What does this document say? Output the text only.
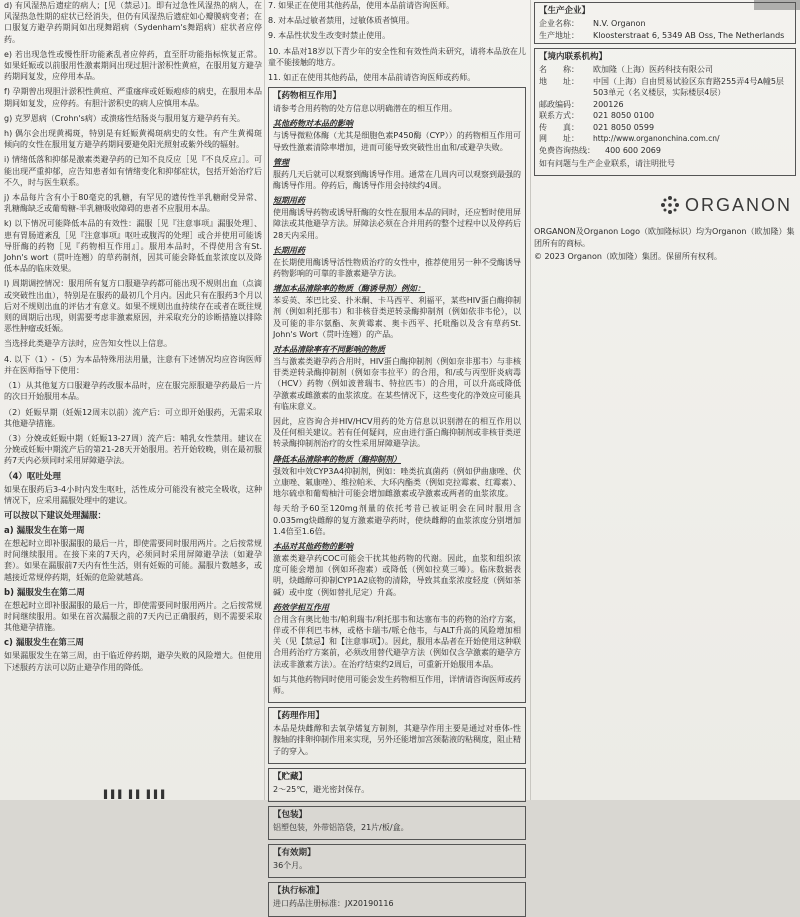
d) 有风湿热后遗症的病人；[见（禁忌）]。即有过急性风湿热的病人，在风湿热急性期的症状已经消失，但仍有风湿热后遗症如心瓣膜病变者；在口服复方避孕药期间如出现舞蹈病（Sydenham's舞蹈病）症状者应停药。

e) 若出现急性或慢性肝功能紊乱者应停药，直至肝功能指标恢复正常。如果妊娠或以前服用性激素期间出现过胆汁淤积性黄疸，在服用复方避孕药期间复发，应停用本品。

f) 孕期曾出现胆汁淤积性黄疸、严重瘙痒或妊娠疱疹的病史，在服用本品期间如复发，应停药。有胆汁淤积史的病人应慎用本品。

g) 克罗恩病（Crohn's病）或溃疡性结肠炎与服用复方避孕药有关。

h) 偶尔会出现黄褐斑，特别是有妊娠黄褐斑病史的女性。有产生黄褐斑倾向的女性在服用复方避孕药期间要避免阳光照射或紫外线的辐射。

i) 情绪低落和抑郁是激素类避孕药的已知不良反应［见『不良反应』］。可能出现严重抑郁，应告知患者如有情绪变化和抑郁症状，包括开始治疗后不久，时与医生联系。

j) 本品每片含有小于80毫克的乳糖，有罕见的遗传性半乳糖耐受异常、乳糖酶缺乏或葡萄糖-半乳糖吸收障碍的患者不应服用本品。

k) 以下情况可能降低本品的有效性：漏服［见『注意事项』漏服处理］、患有胃肠道紊乱［见『注意事项』呕吐或腹泻的处理］或合并使用可能诱导肝酶的药物［见『药物相互作用』］。服用本品时，不得使用含有St. John's wort（贯叶连翘）的草药制剂，因其可能会降低血浆浓度以及降低本品的临床效果。

l) 周期调控情况：服用所有复方口服避孕药都可能出现不规则出血（点滴或突破性出血），特别是在服药的最初几个月内。因此只有在服药3个月以后对不规则出血的评估才有意义。如果不规则出血持续存在或者在既往规则的周期后出现，则需要考虑非激素原因，并采取充分的诊断措施以排除恶性肿瘤或妊娠。

当选择此类避孕方法时，应告知女性以上信息。

4. 以下（1）-（5）为本品特殊用法用量，注意有下述情况均应咨询医师并在医师指导下使用：

（1）从其他复方口服避孕药改服本品时，应在服完原服避孕药最后一片的次日开始服用本品。

（2）妊娠早期（妊娠12周末以前）流产后：可立即开始服药，无需采取其他避孕措施。

（3）分娩或妊娠中期（妊娠13-27周）流产后：哺乳女性禁用。建议在分娩或妊娠中期流产后的第21-28天开始服用。若开始较晚，则在最初服药7天内必须同时采用屏障避孕法。

（4）呕吐处理

如果在服药后3-4小时内发生呕吐，活性成分可能没有被完全吸收，这种情况下，应采用漏服处理中的建议。

可以按以下建议处理漏服：
a) 漏服发生在第一周

在想起时立即补服漏服的最后一片，即使需要同时服用两片。之后按常规时间继续服用。在接下来的7天内，必须同时采用屏障避孕法（如避孕套）。如果在漏服前7天内有性生活，则有妊娠的可能。漏服片数越多，或越接近常规停药期，妊娠的危险就越高。

b) 漏服发生在第二周

在想起时立即补服漏服的最后一片，即使需要同时服用两片。之后按常规时间继续服用。如果在首次漏服之前的7天内已正确服药，则不需要采取其他避孕措施。

c) 漏服发生在第三周

如果漏服发生在第三周，由于临近停药期，避孕失败的风险增大。但使用下述服药方法可以防止避孕作用的降低。

7. 如果正在使用其他药品，使用本品前请咨询医师。

8. 对本品过敏者禁用，过敏体质者慎用。

9. 本品性状发生改变时禁止使用。

10. 本品对18岁以下青少年的安全性和有效性尚未研究，请将本品放在儿童不能接触的地方。

11. 如正在使用其他药品，使用本品前请咨询医师或药师。

【药物相互作用】

请参考合用药物的处方信息以明确潜在的相互作用。

其他药物对本品的影响

与诱导微粒体酶（尤其是细胞色素P450酶（CYP））的药物相互作用可导致性激素清除率增加，进而可能导致突破性出血和/或避孕失败。

管理

服药几天后就可以观察到酶诱导作用。通常在几周内可以观察到最强的酶诱导作用。停药后，酶诱导作用会持续约4周。

短期用药

使用酶诱导药物或诱导肝酶的女性在服用本品的同时，还应暂时使用屏障法或其他避孕方法。屏障法必须在合并用药的整个过程中以及停药后28天内采用。

长期用药

在长期使用酶诱导活性物质治疗的女性中，推荐使用另一种不受酶诱导药物影响的可靠的非激素避孕方法。

增加本品清除率的物质（酶诱导剂）例如：

苯妥英、苯巴比妥、扑米酮、卡马西平、利福平，某些HIV蛋白酶抑制剂（例如利托那韦）和非核苷类逆转录酶抑制剂（例如依非韦伦），以及可能的非尔氨酯、灰黄霉素、奥卡西平、托吡酯以及含有草药St. John's Wort（贯叶连翘）的产品。

对本品清除率有不同影响的物质

当与激素类避孕药合用时，HIV蛋白酶抑制剂（例如奈非那韦）与非核苷类逆转录酶抑制剂（例如奈韦拉平）的合用，和/或与丙型肝炎病毒（HCV）药物（例如波普瑞韦、特拉匹韦）的合用，可以升高或降低孕激素或雌激素的血浆浓度。在某些情况下，这些变化的净效应可能具有临床意义。

因此，应咨询合并HIV/HCV用药的处方信息以识别潜在的相互作用以及任何相关建议。若有任何疑问，应由进行蛋白酶抑制剂或非核苷类逆转录酶抑制剂治疗的女性采用屏障避孕法。

降低本品清除率的物质（酶抑制剂）

强效和中效CYP3A4抑制剂，例如：唑类抗真菌药（例如伊曲康唑、伏立康唑、氟康唑）、维拉帕米、大环内酯类（例如克拉霉素、红霉素）、地尔硫卓和葡萄柚汁可能会增加雌激素或孕激素或两者的血浆浓度。

每天给予60至120mg剂量的依托考昔已被证明会在同时服用含0.035mg炔雌醇的复方激素避孕药时，使炔雌醇的血浆浓度分别增加1.4倍至1.6倍。

本品对其他药物的影响

激素类避孕药COC可能会干扰其他药物的代谢。因此，血浆和组织浓度可能会增加（例如环孢素）或降低（例如拉莫三嗪）。临床数据表明，炔雌醇可抑制CYP1A2底物的清除，导致其血浆浓度轻度（例如茶碱）或中度（例如替扎尼定）升高。

药效学相互作用

合用含有奥比他韦/帕利瑞韦/利托那韦和达塞布韦的药物的治疗方案，伴或不伴利巴韦林，或格卡瑞韦/哌仑他韦，与ALT升高的风险增加相关（见【禁忌】和【注意事项】）。因此，服用本品者在开始使用这种联合用药治疗方案前，必须改用替代避孕方法（例如仅含孕激素的避孕方法或非激素方法）。在治疗结束约2周后，可重新开始服用本品。

如与其他药物同时使用可能会发生药物相互作用，详情请咨询医师或药师。

【药理作用】

本品是炔雌醇和去氧孕烯复方制剂，其避孕作用主要是通过对垂体-性腺轴的排卵抑制作用来实现，另外还能增加宫颈黏液的粘稠度，阻止精子的穿入。

【贮藏】

2～25℃，避光密封保存。

【包装】

铝塑包装，外带铝箔袋，21片/板/盒。

【有效期】

36个月。

【执行标准】

进口药品注册标准：JX20190116

【生产企业】
企业名称：	N.V. Organon
生产地址：	Kloosterstraat 6, 5349 AB Oss, The Netherlands
【境内联系机构】
名　　称：	欧加隆（上海）医药科技有限公司
地　　址：	中国（上海）自由贸易试验区东育路255弄4号A幢5层503单元（名义楼层，实际楼层4层）
邮政编码：	200126
联系方式：	021 8050 0100
传　　真：	021 8050 0599
网　　址：	http://www.organonchina.com.cn/
免费咨询热线：	400 600 2069
如有问题与生产企业联系，请注明批号
ORGANON
ORGANON及Organon Logo（欧加隆标识）均为Organon（欧加隆）集团所有的商标。
© 2023 Organon（欧加隆）集团。保留所有权利。
▌▌▌ ▌▌ ▌▌▌
